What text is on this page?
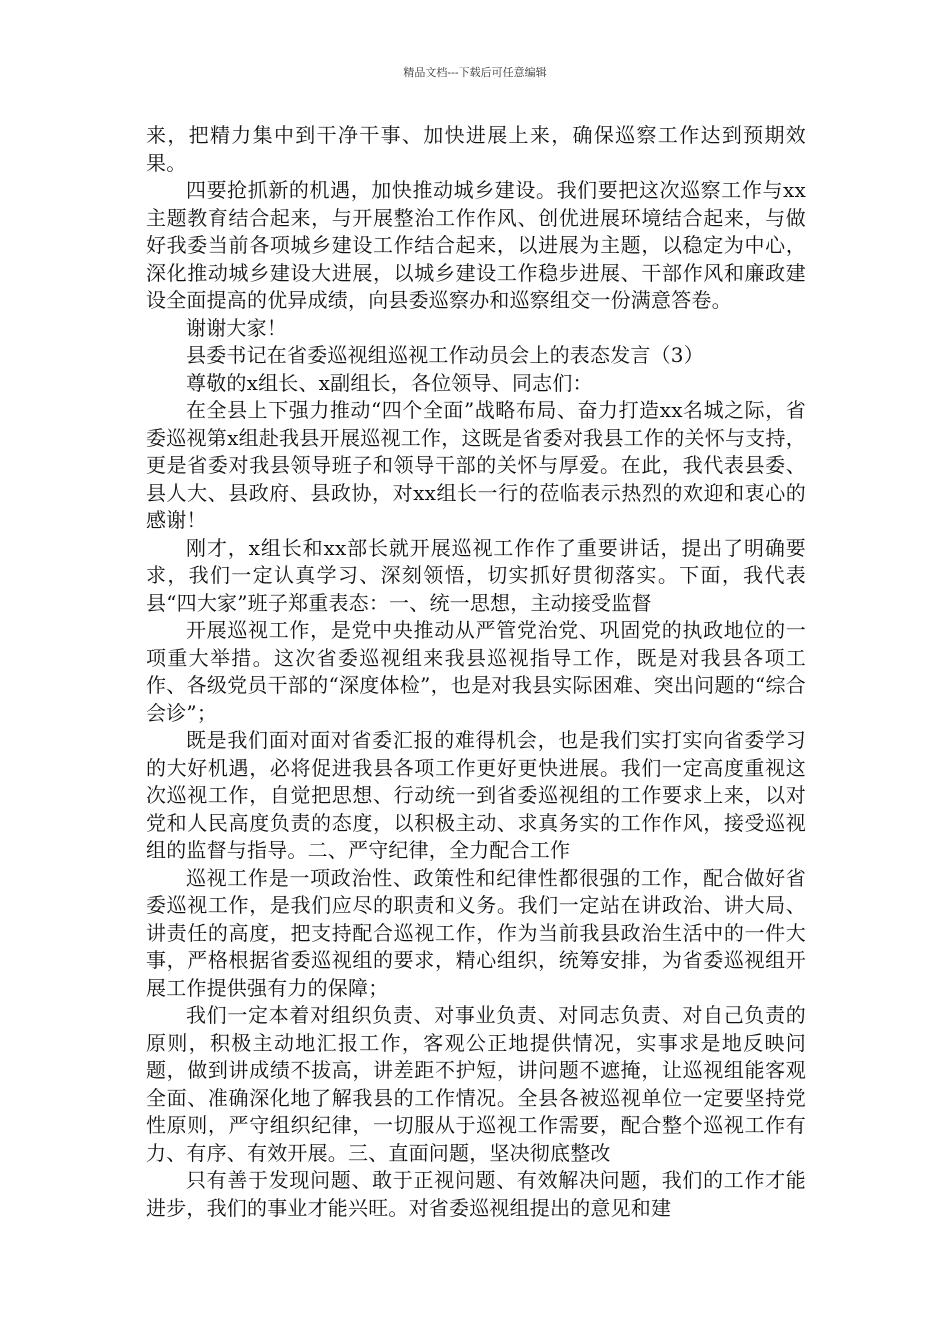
精品文档---下载后可任意编辑

来，把精力集中到干净干事、加快进展上来，确保巡察工作达到预期效果。

四要抢抓新的机遇，加快推动城乡建设。我们要把这次巡察工作与xx主题教育结合起来，与开展整治工作作风、创优进展环境结合起来，与做好我委当前各项城乡建设工作结合起来，以进展为主题，以稳定为中心，深化推动城乡建设大进展，以城乡建设工作稳步进展、干部作风和廉政建设全面提高的优异成绩，向县委巡察办和巡察组交一份满意答卷。

谢谢大家！

县委书记在省委巡视组巡视工作动员会上的表态发言（3）

尊敬的x组长、x副组长，各位领导、同志们：

在全县上下强力推动“四个全面”战略布局、奋力打造xx名城之际，省委巡视第x组赴我县开展巡视工作，这既是省委对我县工作的关怀与支持，更是省委对我县领导班子和领导干部的关怀与厚爱。在此，我代表县委、县人大、县政府、县政协，对xx组长一行的莅临表示热烈的欢迎和衷心的感谢！

刚才，x组长和xx部长就开展巡视工作作了重要讲话，提出了明确要求，我们一定认真学习、深刻领悟，切实抓好贯彻落实。下面，我代表县“四大家”班子郑重表态：一、统一思想，主动接受监督

开展巡视工作，是党中央推动从严管党治党、巩固党的执政地位的一项重大举措。这次省委巡视组来我县巡视指导工作，既是对我县各项工作、各级党员干部的“深度体检”，也是对我县实际困难、突出问题的“综合会诊”；

既是我们面对面对省委汇报的难得机会，也是我们实打实向省委学习的大好机遇，必将促进我县各项工作更好更快进展。我们一定高度重视这次巡视工作，自觉把思想、行动统一到省委巡视组的工作要求上来，以对党和人民高度负责的态度，以积极主动、求真务实的工作作风，接受巡视组的监督与指导。二、严守纪律，全力配合工作

巡视工作是一项政治性、政策性和纪律性都很强的工作，配合做好省委巡视工作，是我们应尽的职责和义务。我们一定站在讲政治、讲大局、讲责任的高度，把支持配合巡视工作，作为当前我县政治生活中的一件大事，严格根据省委巡视组的要求，精心组织，统筹安排，为省委巡视组开展工作提供强有力的保障；

我们一定本着对组织负责、对事业负责、对同志负责、对自己负责的原则，积极主动地汇报工作，客观公正地提供情况，实事求是地反映问题，做到讲成绩不拔高，讲差距不护短，讲问题不遮掩，让巡视组能客观全面、准确深化地了解我县的工作情况。全县各被巡视单位一定要坚持党性原则，严守组织纪律，一切服从于巡视工作需要，配合整个巡视工作有力、有序、有效开展。三、直面问题，坚决彻底整改

只有善于发现问题、敢于正视问题、有效解决问题，我们的工作才能进步，我们的事业才能兴旺。对省委巡视组提出的意见和建
